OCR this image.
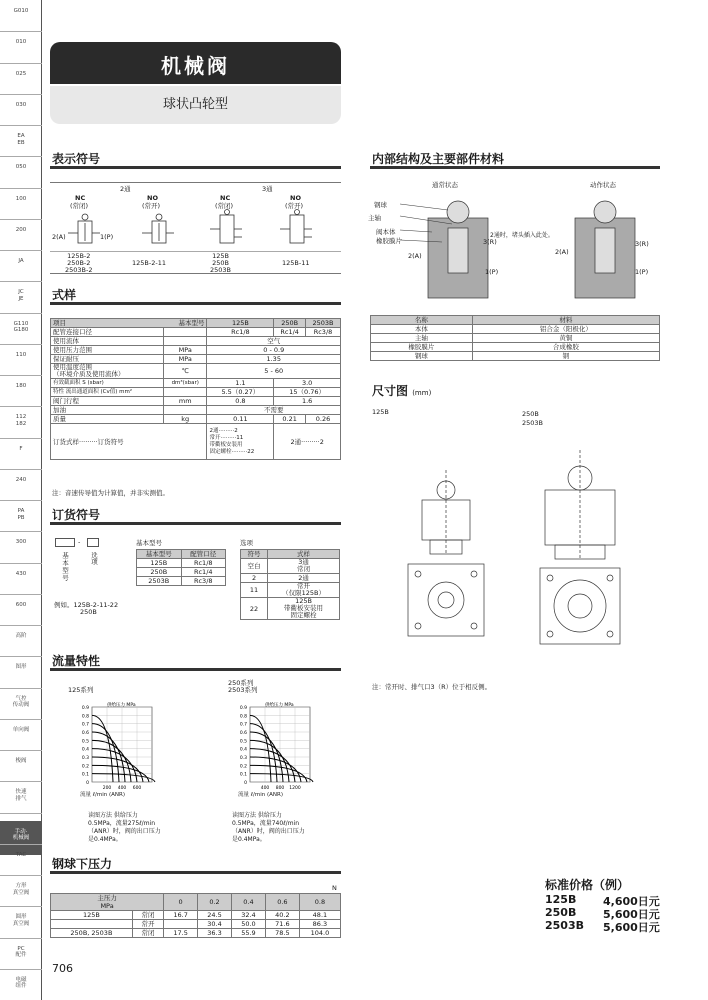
G010
010
025
030
EA
EB
050
100
200
JA
JC
JE
G110
G180
110
180
112
182
F
240
PA
PB
300
430
600
高阶
图形
气控
传动阀
单向阀
梭阀
快速
排气
手动·
机械阀
TAC
方形
真空阀
圆形
真空阀
PC
配件
电磁
组件
机械阀
球状凸轮型
表示符号
2通	3通
NC
(常闭)
NO
(常开)
NC
(常闭)
NO
(常开)
2(A)	1(P)
125B-2
250B-2
2503B-2
125B-2-11
125B
250B
2503B
125B-11
式样
项目 基本型号		125B	250B	2503B
配管连接口径		Rc1/8	Rc1/4	Rc3/8
使用流体		空气		
使用压力范围	MPa	0 - 0.9		
保证耐压	MPa	1.35		
使用温度范围
（环境介质及使用流体）	℃	5 - 60		
有效截面积 S (sbar)	dm³(sbar)	1.1	3.0	
特性 流出通道面积 (Cv值) mm²		5.5（0.27）	15（0.76）	
阀门行程	mm	0.8	1.6	
加油		不需要		
质量	kg	0.11	0.21	0.26
订货式样·········订货符号		2通·········2
常开·········11
带衢板安装用
固定螺栓·········22	2通·········2	
注：音速传导值为计算值，并非实测值。
订货符号
-
基本型号	选项
例如。125B-2-11-22
250B
基本型号
基本型号	配管口径
125B	Rc1/8
250B	Rc1/4
2503B	Rc3/8
选项
符号	式样
空白	3通
常闭
2	2通
11	常开
（仅限125B）
22	125B
带衢板安装用
固定螺栓
流量特性
125系列
250系列
2503系列
0.9
0.8
0.7
0.6
0.5
0.4
0.3
0.2
0.1
0
200 400 600
供给压力 MPa
0.9
0.8
0.7
0.6
0.5
0.4
0.3
0.2
0.1
0
400 800 1200
供给压力 MPa
流量 ℓ/min (ANR)	流量 ℓ/min (ANR)
读图方法 供给压力0.5MPa，流量275ℓ/min（ANR）时，阀的出口压力是0.4MPa。
读图方法 供给压力0.5MPa，流量740ℓ/min（ANR）时，阀的出口压力是0.4MPa。
钢球下压力
N
主压力
MPa		0	0.2	0.4	0.6	0.8
125B	常闭	16.7	24.5	32.4	40.2	48.1
	常开		30.4	50.0	71.6	86.3
250B, 2503B	常闭	17.5	36.3	55.9	78.5	104.0
706
内部结构及主要部件材料
通常状态	动作状态
钢球
主轴
阀本体
橡胶膜片
2通时，堵头插入此处。
2(A)
3(R)
1(P)
2(A)
3(R)
1(P)
名称	材料
本体	铝合金（阳极化）
主轴	黄铜
橡胶膜片	合成橡胶
钢球	钢
尺寸图 (mm)
125B	250B
2503B
注：常开时、排气口3（R）位于相反侧。
标准价格（例）
125B 4,600日元
250B 5,600日元
2503B 5,600日元
